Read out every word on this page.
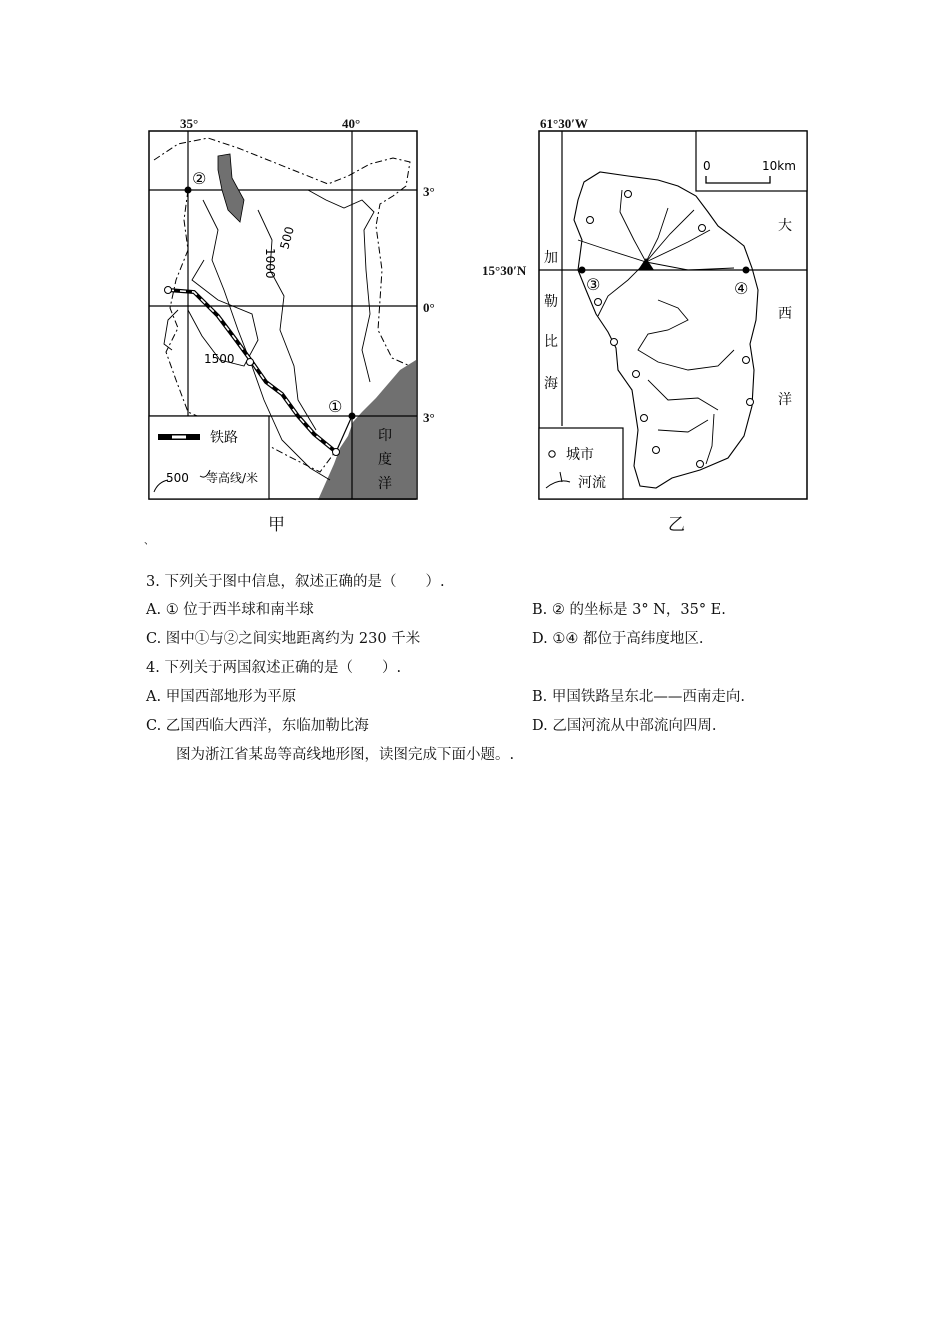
35°	40°
3°
0°
3°
②
①
500
1000
1500
印
度
洋
铁路
500 等高线/米
甲
61°30′W
15°30′N
0	10km
③	④
加
勒
比
海
大
西
洋
城市
河流
乙
、
3. 下列关于图中信息，叙述正确的是（　　）.
A. ① 位于西半球和南半球	B. ② 的坐标是 3° N，35° E.
C. 图中①与②之间实地距离约为 230 千米	D. ①④ 都位于高纬度地区.
4. 下列关于两国叙述正确的是（　　）.
A. 甲国西部地形为平原	B. 甲国铁路呈东北——西南走向.
C. 乙国西临大西洋，东临加勒比海	D. 乙国河流从中部流向四周.
图为浙江省某岛等高线地形图，读图完成下面小题。.
